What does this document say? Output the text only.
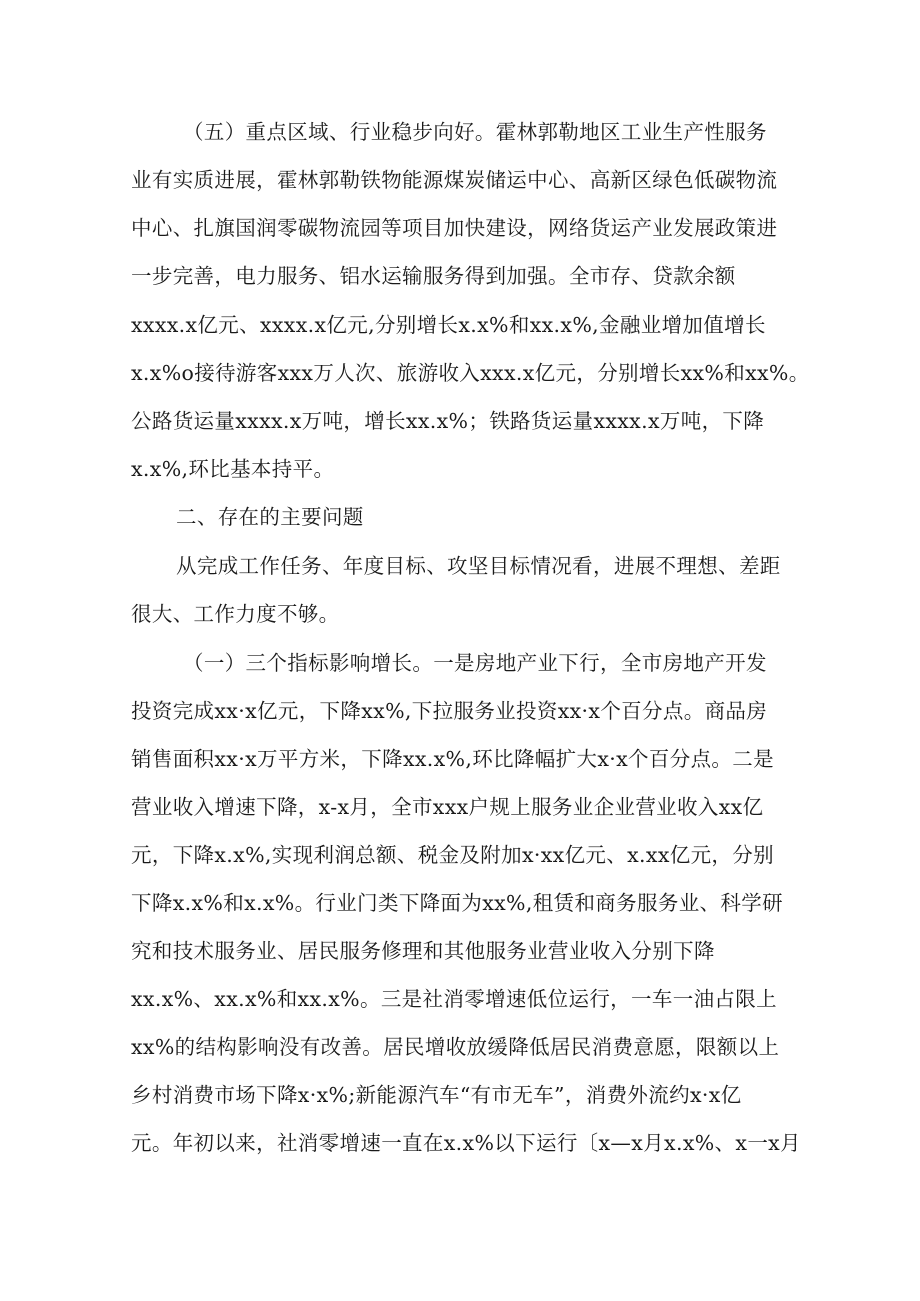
（五）重点区域、行业稳步向好。霍林郭勒地区工业生产性服务
业有实质进展，霍林郭勒铁物能源煤炭储运中心、高新区绿色低碳物流
中心、扎旗国润零碳物流园等项目加快建设，网络货运产业发展政策进
一步完善，电力服务、铝水运输服务得到加强。全市存、贷款余额
xxxx.x亿元、xxxx.x亿元,分别增长x.x%和xx.x%,金融业增加值增长
x.x%o接待游客xxx万人次、旅游收入xxx.x亿元，分别增长xx%和xx%。
公路货运量xxxx.x万吨，增长xx.x%；铁路货运量xxxx.x万吨，下降
x.x%,环比基本持平。
二、存在的主要问题
从完成工作任务、年度目标、攻坚目标情况看，进展不理想、差距
很大、工作力度不够。
（一）三个指标影响增长。一是房地产业下行，全市房地产开发
投资完成xx·x亿元，下降xx%,下拉服务业投资xx·x个百分点。商品房
销售面积xx·x万平方米，下降xx.x%,环比降幅扩大x·x个百分点。二是
营业收入增速下降，x-x月，全市xxx户规上服务业企业营业收入xx亿
元，下降x.x%,实现利润总额、税金及附加x·xx亿元、x.xx亿元，分别
下降x.x%和x.x%。行业门类下降面为xx%,租赁和商务服务业、科学研
究和技术服务业、居民服务修理和其他服务业营业收入分别下降
xx.x%、xx.x%和xx.x%。三是社消零增速低位运行，一车一油占限上
xx%的结构影响没有改善。居民增收放缓降低居民消费意愿，限额以上
乡村消费市场下降x·x%;新能源汽车“有市无车”，消费外流约x·x亿
元。年初以来，社消零增速一直在x.x%以下运行〔x—x月x.x%、x一x月
